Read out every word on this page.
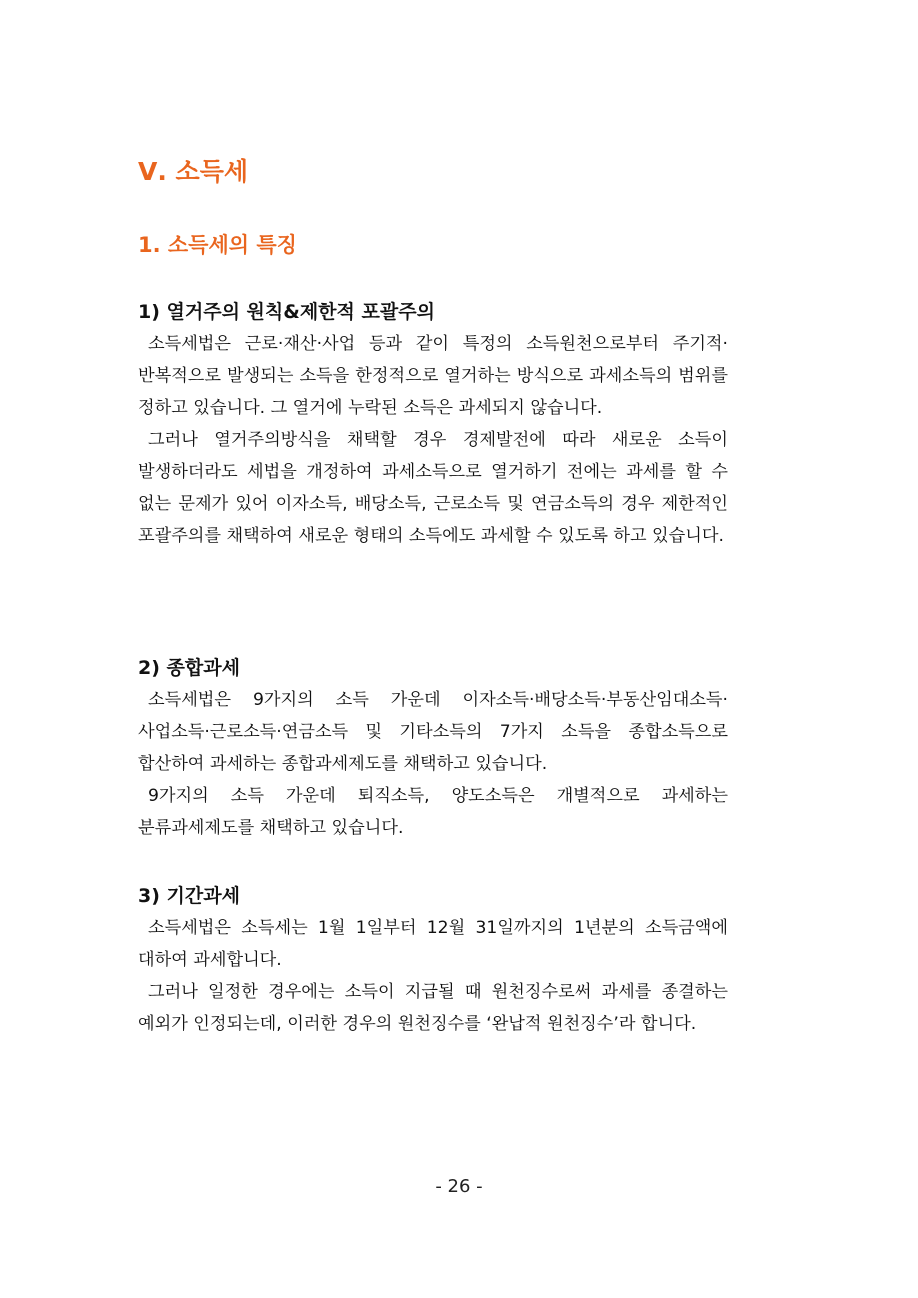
Ⅴ. 소득세
1. 소득세의 특징
1) 열거주의 원칙&제한적 포괄주의

소득세법은 근로·재산·사업 등과 같이 특정의 소득원천으로부터 주기적·반복적으로 발생되는 소득을 한정적으로 열거하는 방식으로 과세소득의 범위를 정하고 있습니다. 그 열거에 누락된 소득은 과세되지 않습니다.

그러나 열거주의방식을 채택할 경우 경제발전에 따라 새로운 소득이 발생하더라도 세법을 개정하여 과세소득으로 열거하기 전에는 과세를 할 수 없는 문제가 있어 이자소득, 배당소득, 근로소득 및 연금소득의 경우 제한적인 포괄주의를 채택하여 새로운 형태의 소득에도 과세할 수 있도록 하고 있습니다.

2) 종합과세

소득세법은 9가지의 소득 가운데 이자소득·배당소득·부동산임대소득·사업소득·근로소득·연금소득 및 기타소득의 7가지 소득을 종합소득으로 합산하여 과세하는 종합과세제도를 채택하고 있습니다.

9가지의 소득 가운데 퇴직소득, 양도소득은 개별적으로 과세하는 분류과세제도를 채택하고 있습니다.

3) 기간과세

소득세법은 소득세는 1월 1일부터 12월 31일까지의 1년분의 소득금액에 대하여 과세합니다.

그러나 일정한 경우에는 소득이 지급될 때 원천징수로써 과세를 종결하는 예외가 인정되는데, 이러한 경우의 원천징수를 ‘완납적 원천징수’라 합니다.

- 26 -
